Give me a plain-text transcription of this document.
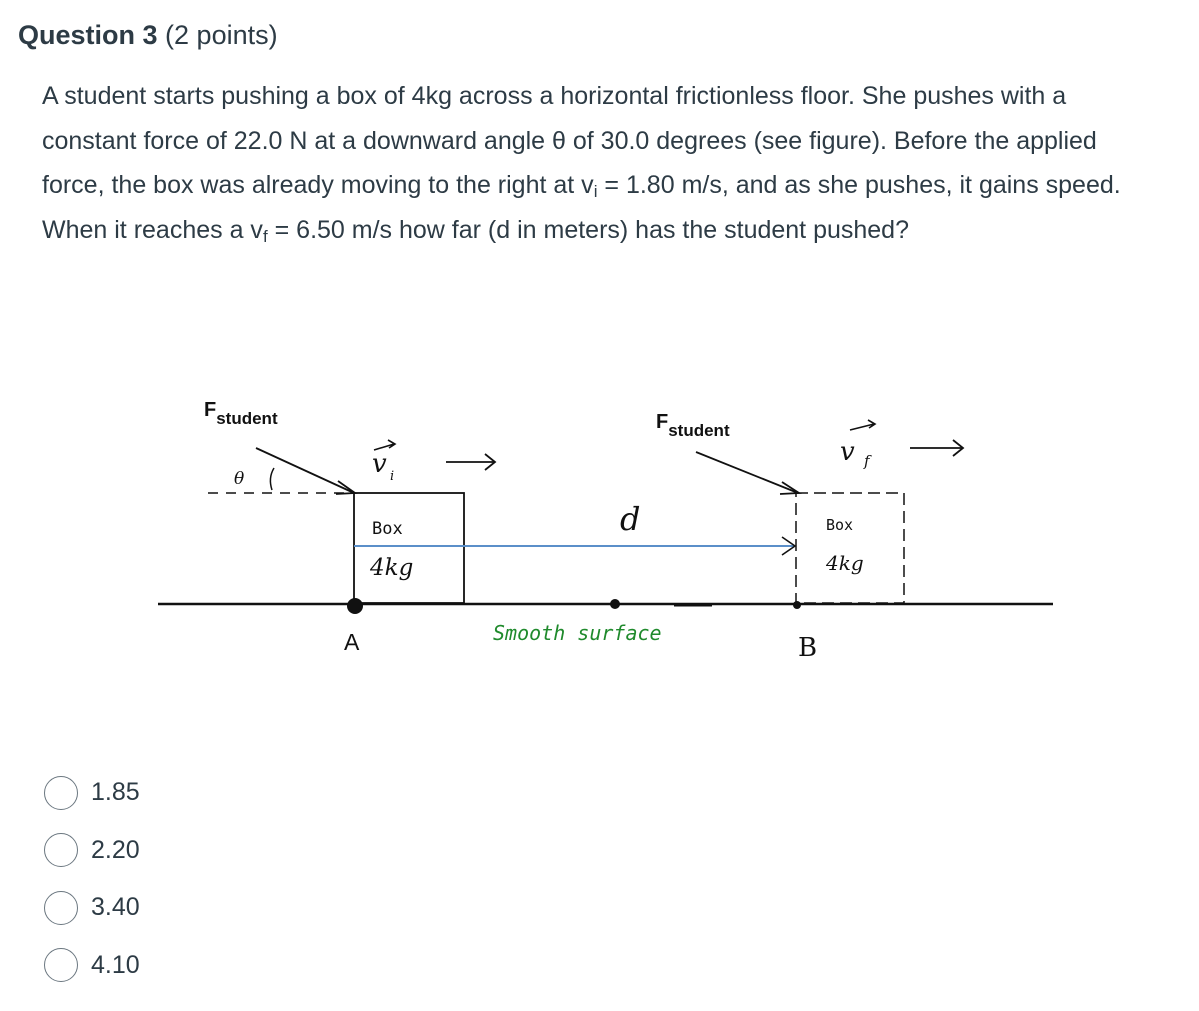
Question 3 (2 points)
A student starts pushing a box of 4kg across a horizontal frictionless floor. She pushes with a constant force of 22.0 N at a downward angle θ of 30.0 degrees (see figure). Before the applied force, the box was already moving to the right at $v_i = 1.80$ m/s, and as she pushes, it gains speed. When it reaches a $v_f = 6.50$ m/s how far (d in meters) has the student pushed?
$F_{student}$
θ	v i
Box
4kg
A
d
Smooth surface
$F_{student}$
v f
Box
4kg
B
1.85
2.20
3.40
4.10
